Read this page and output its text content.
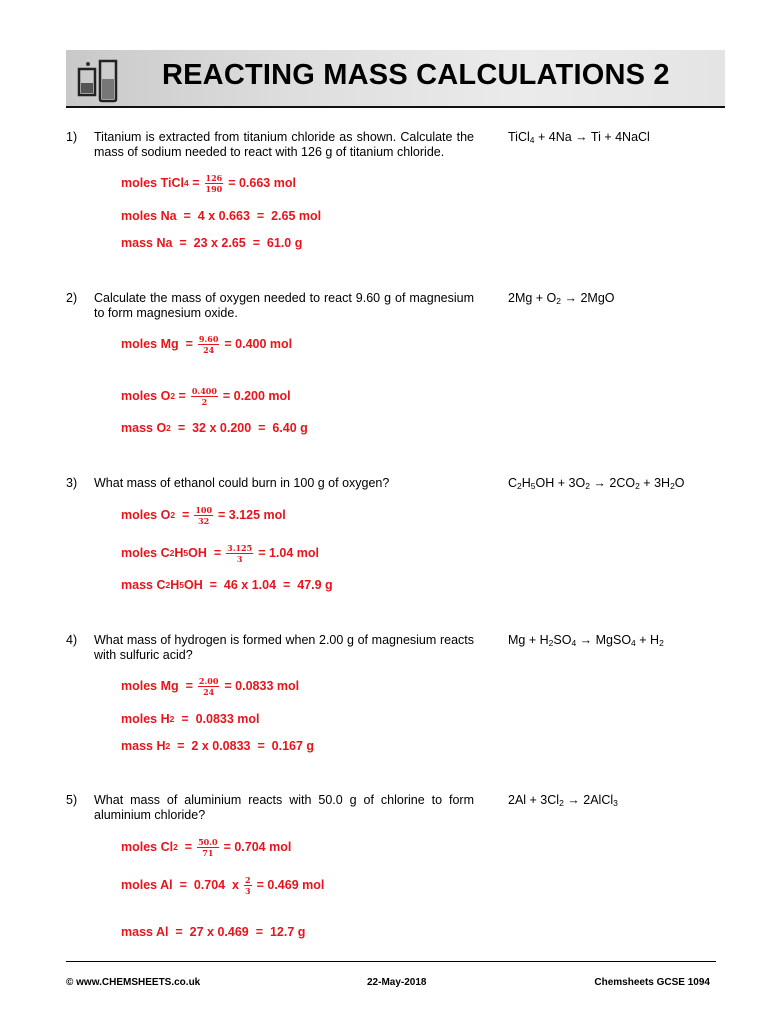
REACTING MASS CALCULATIONS 2
1) Titanium is extracted from titanium chloride as shown. Calculate the mass of sodium needed to react with 126 g of titanium chloride.
TiCl$_4$ + 4Na → Ti + 4NaCl
moles TiCl $4 = \frac{126}{190} = 0.663$ mol
moles Na  =  4 x 0.663  =  2.65 mol
mass Na  =  23 x 2.65  =  61.0 g
2) Calculate the mass of oxygen needed to react 9.60 g of magnesium to form magnesium oxide.
$2Mg + O_2 \to 2MgO$
moles $Mg = \frac{9.60}{24} = 0.400$ mol
moles O $2 = \frac{0.400}{2} = 0.200$ mol
mass O 2 =  32 x 0.200  =  6.40 g
3) What mass of ethanol could burn in 100 g of oxygen?	$C_2H_5OH + 3O_2 \to 2CO_2 + 3H_2O$
moles O $2 = \frac{100}{32} = 3.125$ mol
moles C 2 H 5 OH  = $\frac{3.125}{3} = 1.04$ mol
mass C 2 H 5 OH  =  46 x 1.04  =  47.9 g
4) What mass of hydrogen is formed when 2.00 g of magnesium reacts with sulfuric acid?
$Mg + H_2SO_4$ → MgSO$_4$ + $H_2$
moles $Mg = \frac{2.00}{24} = 0.0833$ mol
moles H 2 =  0.0833 mol
mass H 2 =  2 x 0.0833  =  0.167 g
5) What mass of aluminium reacts with 50.0 g of chlorine to form aluminium chloride?
$2Al + 3Cl_2$ → 2AlCl$_3$
moles Cl $2 = \frac{50.0}{71} = 0.704$ mol
moles Al  =  0.704  x $\frac{2}{3} = 0.469$ mol
mass Al  =  27 x 0.469  =  12.7 g
© www.CHEMSHEETS.co.uk	22-May-2018	Chemsheets GCSE 1094
